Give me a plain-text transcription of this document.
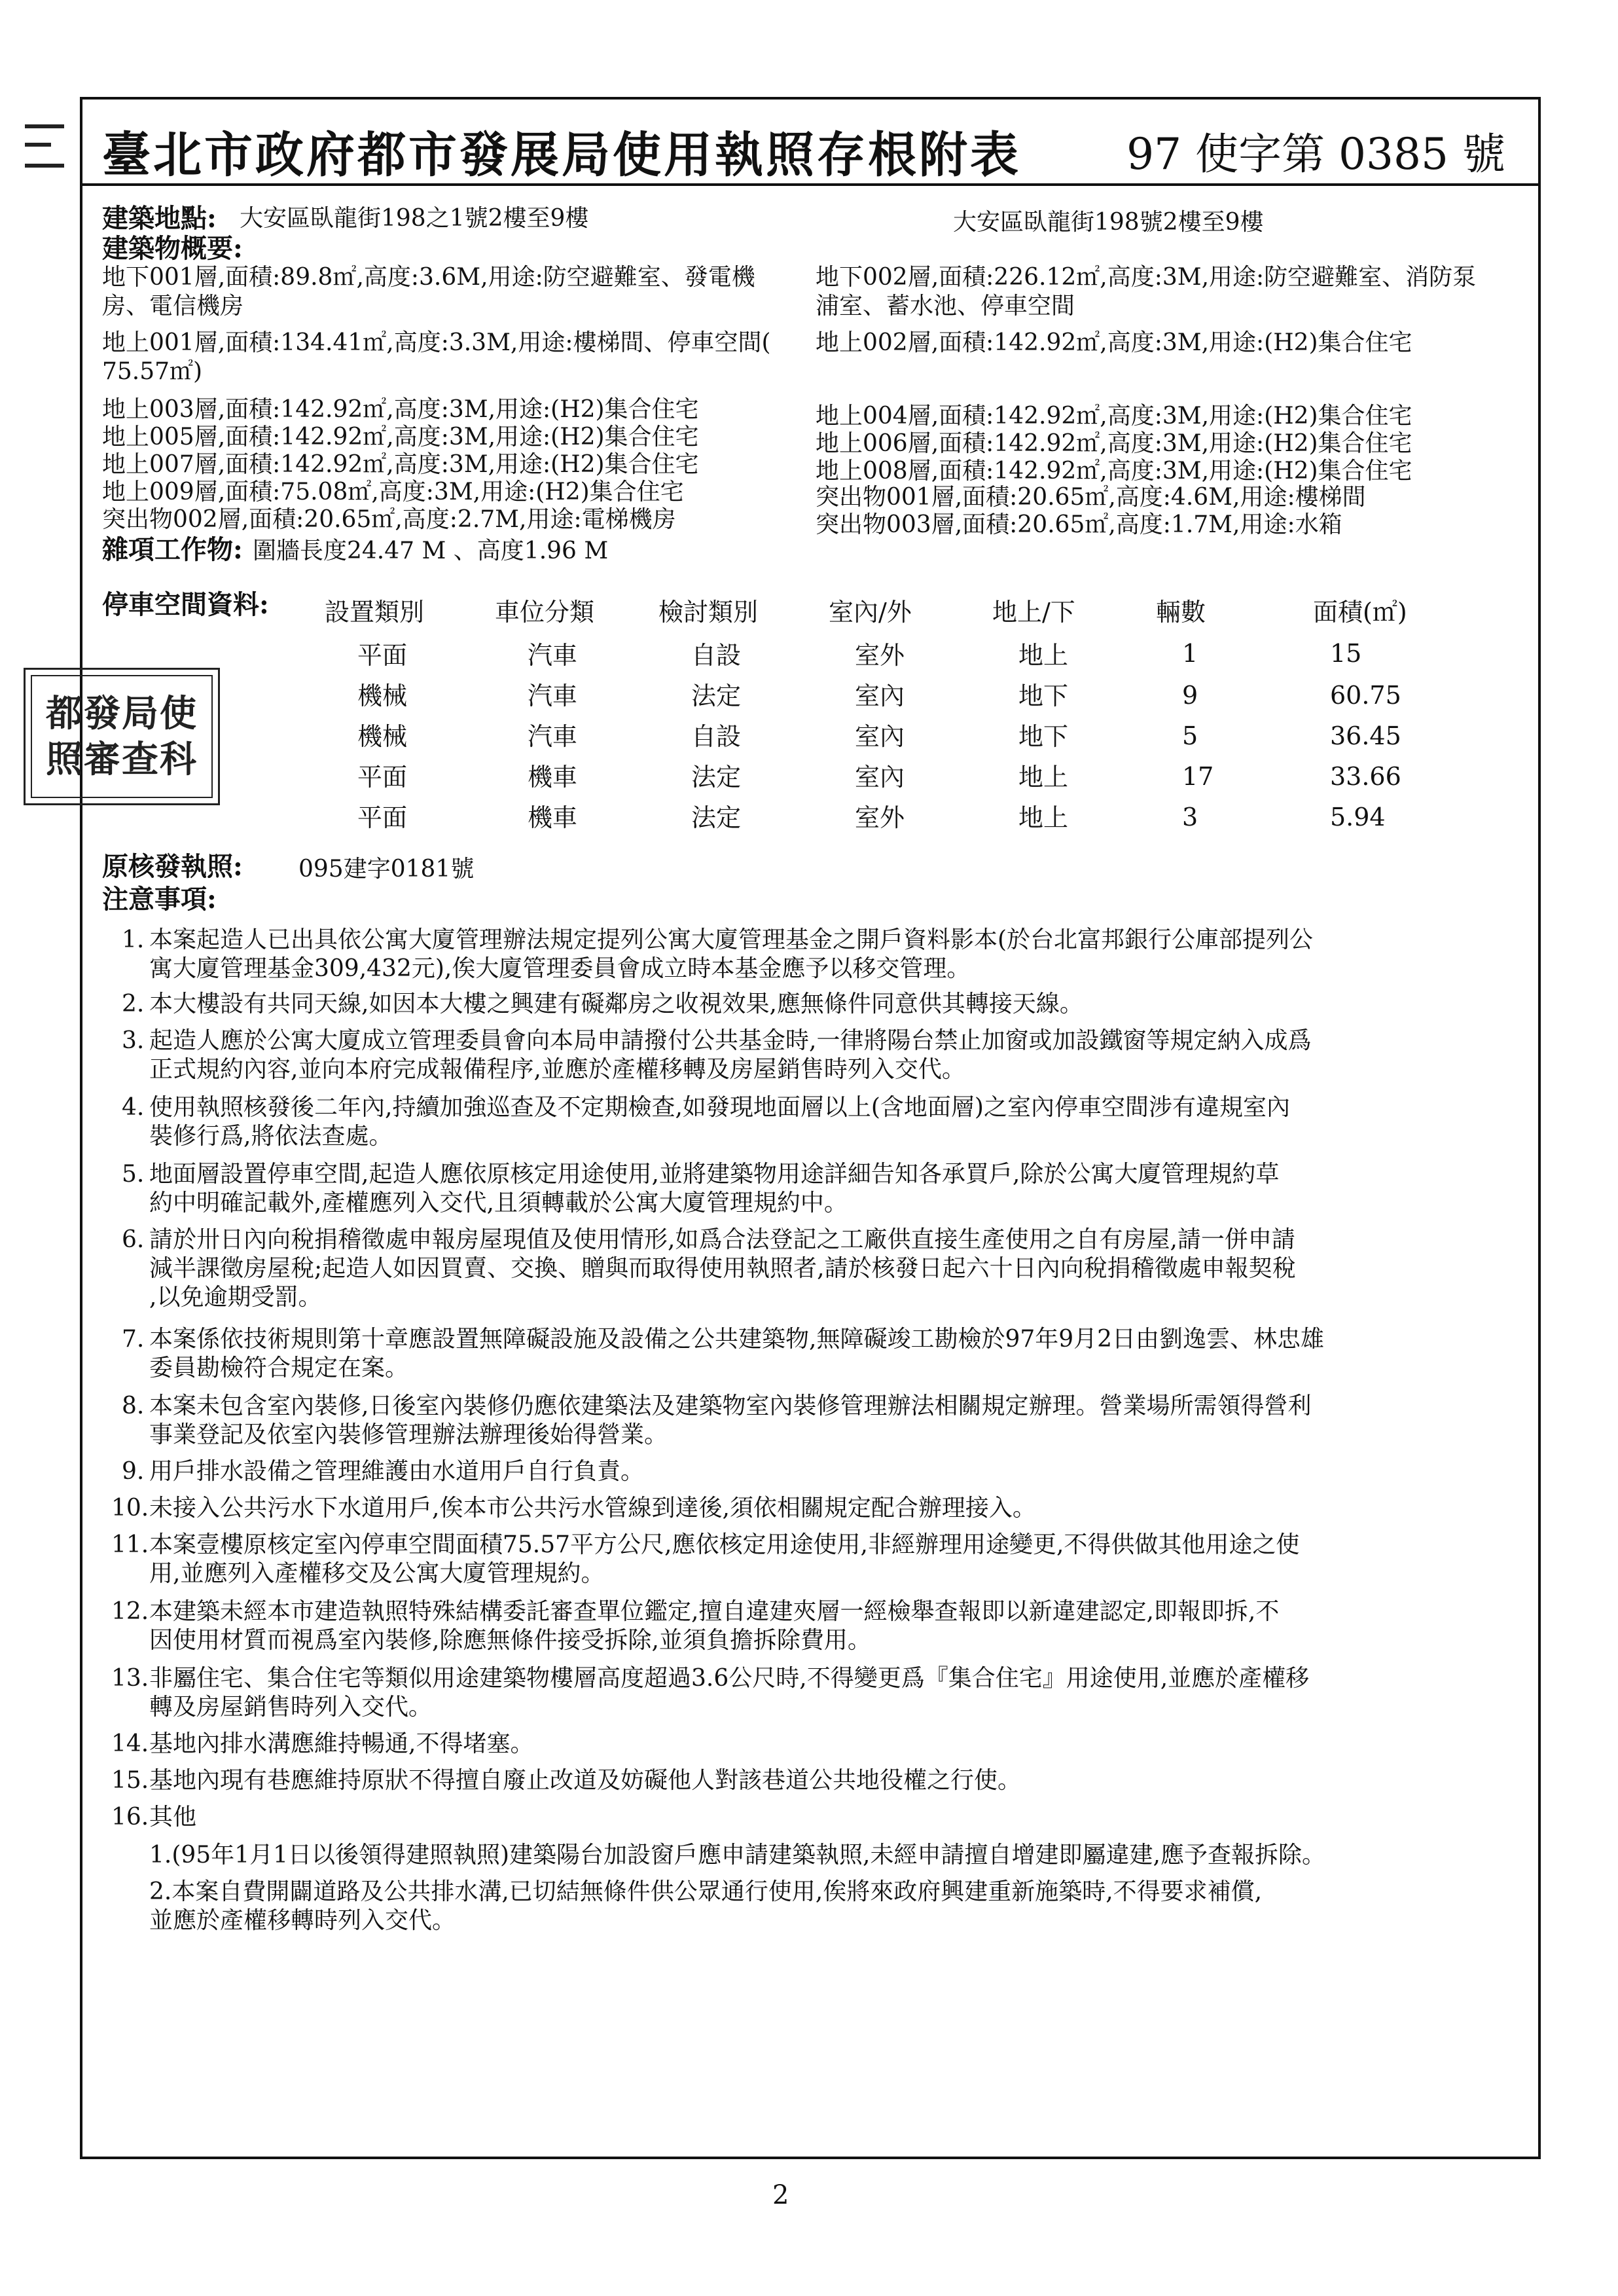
臺北市政府都市發展局使用執照存根附表 97 使字第 0385 號
建築地點: 大安區臥龍街198之1號2樓至9樓	大安區臥龍街198號2樓至9樓
建築物概要:
地下001層,面積:89.8㎡,高度:3.6M,用途:防空避難室、發電機
房、電信機房
地下002層,面積:226.12㎡,高度:3M,用途:防空避難室、消防泵
浦室、蓄水池、停車空間
地上001層,面積:134.41㎡,高度:3.3M,用途:樓梯間、停車空間(
75.57㎡)
地上002層,面積:142.92㎡,高度:3M,用途:(H2)集合住宅
地上003層,面積:142.92㎡,高度:3M,用途:(H2)集合住宅	地上004層,面積:142.92㎡,高度:3M,用途:(H2)集合住宅
地上005層,面積:142.92㎡,高度:3M,用途:(H2)集合住宅	地上006層,面積:142.92㎡,高度:3M,用途:(H2)集合住宅
地上007層,面積:142.92㎡,高度:3M,用途:(H2)集合住宅	地上008層,面積:142.92㎡,高度:3M,用途:(H2)集合住宅
地上009層,面積:75.08㎡,高度:3M,用途:(H2)集合住宅	突出物001層,面積:20.65㎡,高度:4.6M,用途:樓梯間
突出物002層,面積:20.65㎡,高度:2.7M,用途:電梯機房	突出物003層,面積:20.65㎡,高度:1.7M,用途:水箱
雜項工作物: 圍牆長度24.47 M 、高度1.96 M
停車空間資料: 設置類別	車位分類	檢討類別	室內/外	地上/下	輛數	面積(㎡)
平面	汽車	自設	室外	地上	1	15
機械	汽車	法定	室內	地下	9	60.75
機械	汽車	自設	室內	地下	5	36.45
平面	機車	法定	室內	地上	17	33.66
平面	機車	法定	室外	地上	3	5.94
原核發執照: 095建字0181號
注意事項:
1. 本案起造人已出具依公寓大廈管理辦法規定提列公寓大廈管理基金之開戶資料影本(於台北富邦銀行公庫部提列公
寓大廈管理基金309,432元),俟大廈管理委員會成立時本基金應予以移交管理。
2. 本大樓設有共同天線,如因本大樓之興建有礙鄰房之收視效果,應無條件同意供其轉接天線。
3. 起造人應於公寓大廈成立管理委員會向本局申請撥付公共基金時,一律將陽台禁止加窗或加設鐵窗等規定納入成爲
正式規約內容,並向本府完成報備程序,並應於產權移轉及房屋銷售時列入交代。
4. 使用執照核發後二年內,持續加強巡查及不定期檢查,如發現地面層以上(含地面層)之室內停車空間涉有違規室內
裝修行爲,將依法查處。
5. 地面層設置停車空間,起造人應依原核定用途使用,並將建築物用途詳細告知各承買戶,除於公寓大廈管理規約草
約中明確記載外,產權應列入交代,且須轉載於公寓大廈管理規約中。
6. 請於卅日內向稅捐稽徵處申報房屋現值及使用情形,如爲合法登記之工廠供直接生產使用之自有房屋,請一併申請
減半課徵房屋稅;起造人如因買賣、交換、贈與而取得使用執照者,請於核發日起六十日內向稅捐稽徵處申報契稅
,以免逾期受罰。
7. 本案係依技術規則第十章應設置無障礙設施及設備之公共建築物,無障礙竣工勘檢於97年9月2日由劉逸雲、林忠雄
委員勘檢符合規定在案。
8. 本案未包含室內裝修,日後室內裝修仍應依建築法及建築物室內裝修管理辦法相關規定辦理。營業場所需領得營利
事業登記及依室內裝修管理辦法辦理後始得營業。
9. 用戶排水設備之管理維護由水道用戶自行負責。
10. 未接入公共污水下水道用戶,俟本市公共污水管線到達後,須依相關規定配合辦理接入。
11. 本案壹樓原核定室內停車空間面積75.57平方公尺,應依核定用途使用,非經辦理用途變更,不得供做其他用途之使
用,並應列入產權移交及公寓大廈管理規約。
12. 本建築未經本市建造執照特殊結構委託審查單位鑑定,擅自違建夾層一經檢舉查報即以新違建認定,即報即拆,不
因使用材質而視爲室內裝修,除應無條件接受拆除,並須負擔拆除費用。
13. 非屬住宅、集合住宅等類似用途建築物樓層高度超過3.6公尺時,不得變更爲『集合住宅』用途使用,並應於產權移
轉及房屋銷售時列入交代。
14. 基地內排水溝應維持暢通,不得堵塞。
15. 基地內現有巷應維持原狀不得擅自廢止改道及妨礙他人對該巷道公共地役權之行使。
16. 其他
1.(95年1月1日以後領得建照執照)建築陽台加設窗戶應申請建築執照,未經申請擅自增建即屬違建,應予查報拆除。
2.本案自費開闢道路及公共排水溝,已切結無條件供公眾通行使用,俟將來政府興建重新施築時,不得要求補償,
並應於產權移轉時列入交代。
都發局使照審查科
2
